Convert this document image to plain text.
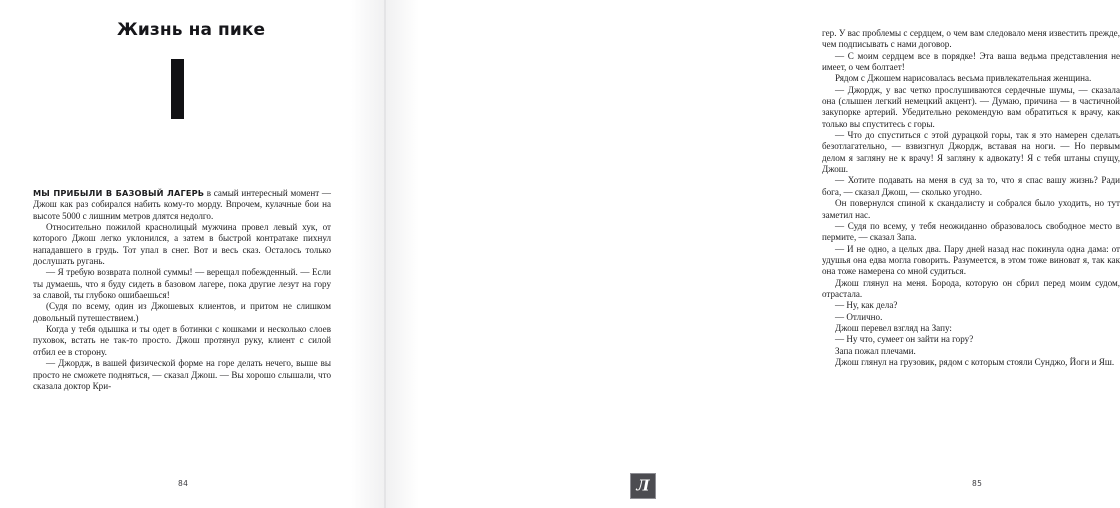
Жизнь на пике

МЫ ПРИБЫЛИ В БАЗОВЫЙ ЛАГЕРЬ в самый интересный момент — Джош как раз собирался набить кому-то морду. Впрочем, кулачные бои на высоте 5000 с лишним метров длятся недолго.

Относительно пожилой краснолицый мужчина провел левый хук, от которого Джош легко уклонился, а затем в быстрой контратаке пихнул нападавшего в грудь. Тот упал в снег. Вот и весь сказ. Осталось только дослушать ругань.

— Я требую возврата полной суммы! — верещал побежденный. — Если ты думаешь, что я буду сидеть в базовом лагере, пока другие лезут на гору за славой, ты глубоко ошибаешься!

(Судя по всему, один из Джошевых клиентов, и притом не слишком довольный путешествием.)

Когда у тебя одышка и ты одет в ботинки с кошками и несколько слоев пуховок, встать не так-то просто. Джош протянул руку, клиент с силой отбил ее в сторону.

— Джордж, в вашей физической форме на горе делать нечего, выше вы просто не сможете подняться, — сказал Джош. — Вы хорошо слышали, что сказала доктор Кри-

84

гер. У вас проблемы с сердцем, о чем вам следовало меня известить прежде, чем подписывать с нами договор.

— С моим сердцем все в порядке! Эта ваша ведьма представления не имеет, о чем болтает!

Рядом с Джошем нарисовалась весьма привлекательная женщина.

— Джордж, у вас четко прослушиваются сердечные шумы, — сказала она (слышен легкий немецкий акцент). — Думаю, причина — в частичной закупорке артерий. Убедительно рекомендую вам обратиться к врачу, как только вы спуститесь с горы.

— Что до спуститься с этой дурацкой горы, так я это намерен сделать безотлагательно, — взвизгнул Джордж, вставая на ноги. — Но первым делом я загляну не к врачу! Я загляну к адвокату! Я с тебя штаны спущу, Джош.

— Хотите подавать на меня в суд за то, что я спас вашу жизнь? Ради бога, — сказал Джош, — сколько угодно.

Он повернулся спиной к скандалисту и собрался было уходить, но тут заметил нас.

— Судя по всему, у тебя неожиданно образовалось свободное место в пермите, — сказал Запа.

— И не одно, а целых два. Пару дней назад нас покинула одна дама: от удушья она едва могла говорить. Разумеется, в этом тоже виноват я, так как она тоже намерена со мной судиться.

Джош глянул на меня. Борода, которую он сбрил перед моим судом, отрастала.

— Ну, как дела?

— Отлично.

Джош перевел взгляд на Запу:

— Ну что, сумеет он зайти на гору?

Запа пожал плечами.

Джош глянул на грузовик, рядом с которым стояли Сунджо, Йоги и Яш.

85
Л
